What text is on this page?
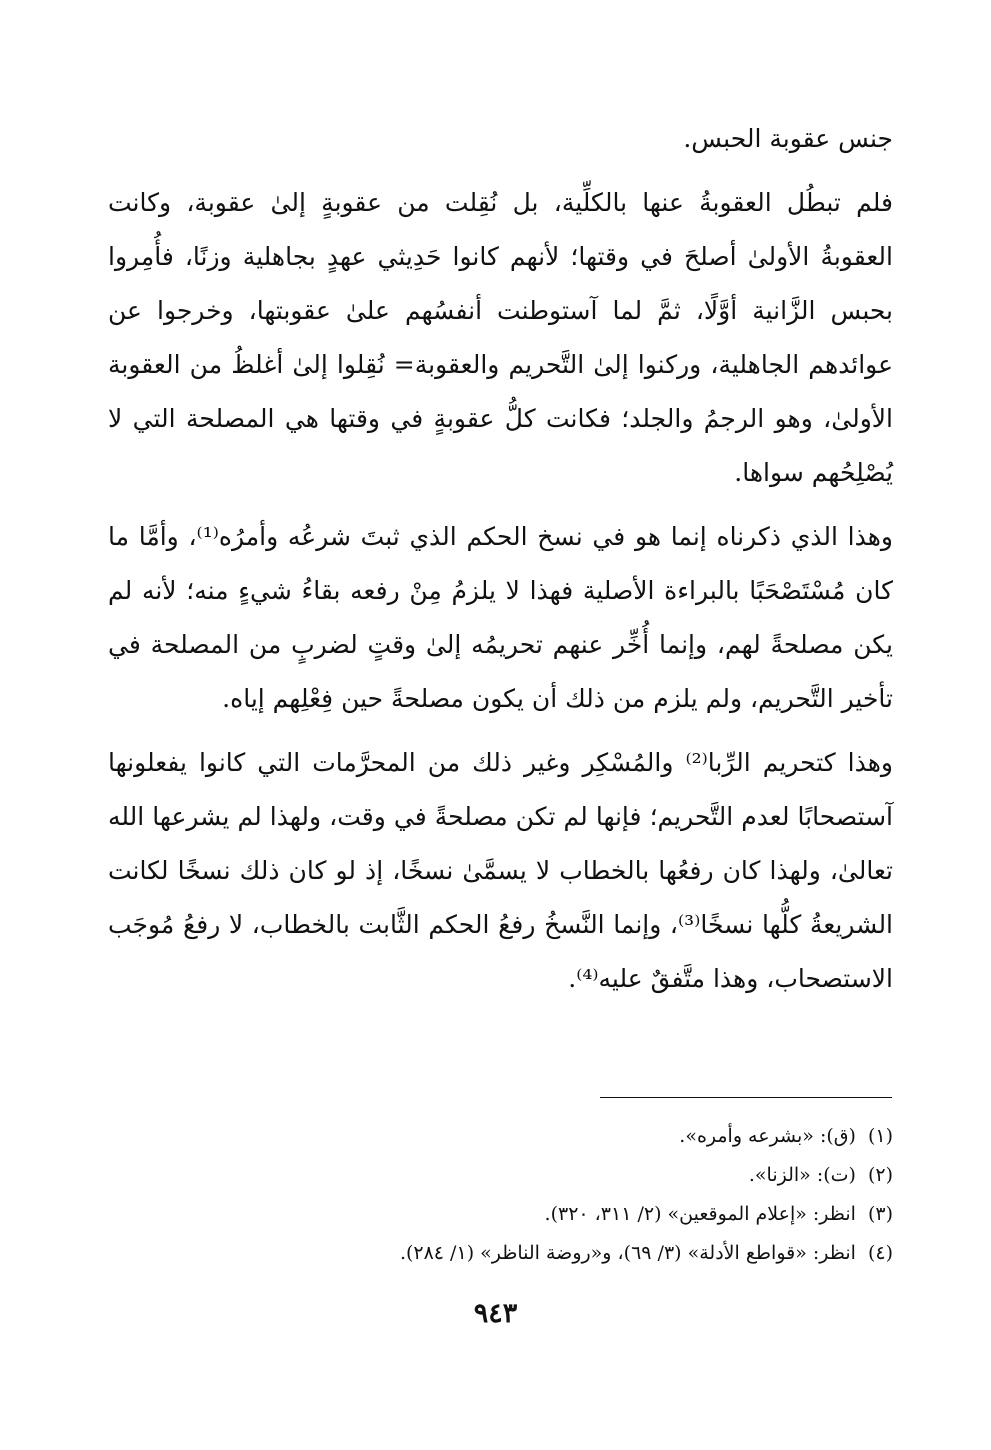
جنس عقوبة الحبس.

فلم تبطُل العقوبةُ عنها بالكلِّية، بل نُقِلت من عقوبةٍ إلىٰ عقوبة، وكانت العقوبةُ الأولىٰ أصلحَ في وقتها؛ لأنهم كانوا حَدِيثي عهدٍ بجاهلية وزنًا، فأُمِروا بحبس الزَّانية أوَّلًا، ثمَّ لما آستوطنت أنفسُهم علىٰ عقوبتها، وخرجوا عن عوائدهم الجاهلية، وركنوا إلىٰ التَّحريم والعقوبة= نُقِلوا إلىٰ أغلظُ من العقوبة الأولىٰ، وهو الرجمُ والجلد؛ فكانت كلُّ عقوبةٍ في وقتها هي المصلحة التي لا يُصْلِحُهم سواها.

وهذا الذي ذكرناه إنما هو في نسخ الحكم الذي ثبتَ شرعُه وأمرُه⁽¹⁾، وأمَّا ما كان مُسْتَصْحَبًا بالبراءة الأصلية فهذا لا يلزمُ مِنْ رفعه بقاءُ شيءٍ منه؛ لأنه لم يكن مصلحةً لهم، وإنما أُخِّر عنهم تحريمُه إلىٰ وقتٍ لضربٍ من المصلحة في تأخير التَّحريم، ولم يلزم من ذلك أن يكون مصلحةً حين فِعْلِهم إياه.

وهذا كتحريم الرِّبا⁽²⁾ والمُسْكِر وغير ذلك من المحرَّمات التي كانوا يفعلونها آستصحابًا لعدم التَّحريم؛ فإنها لم تكن مصلحةً في وقت، ولهذا لم يشرعها الله تعالىٰ، ولهذا كان رفعُها بالخطاب لا يسمَّىٰ نسخًا، إذ لو كان ذلك نسخًا لكانت الشريعةُ كلُّها نسخًا⁽³⁾، وإنما النَّسخُ رفعُ الحكم الثَّابت بالخطاب، لا رفعُ مُوجَب الاستصحاب، وهذا متَّفقٌ عليه⁽⁴⁾.

(١)(ق): «بشرعه وأمره».

(٢)(ت): «الزنا».

(٣)انظر: «إعلام الموقعين» (٢/ ٣١١، ٣٢٠).

(٤)انظر: «قواطع الأدلة» (٣/ ٦٩)، و«روضة الناظر» (١/ ٢٨٤).

٩٤٣
